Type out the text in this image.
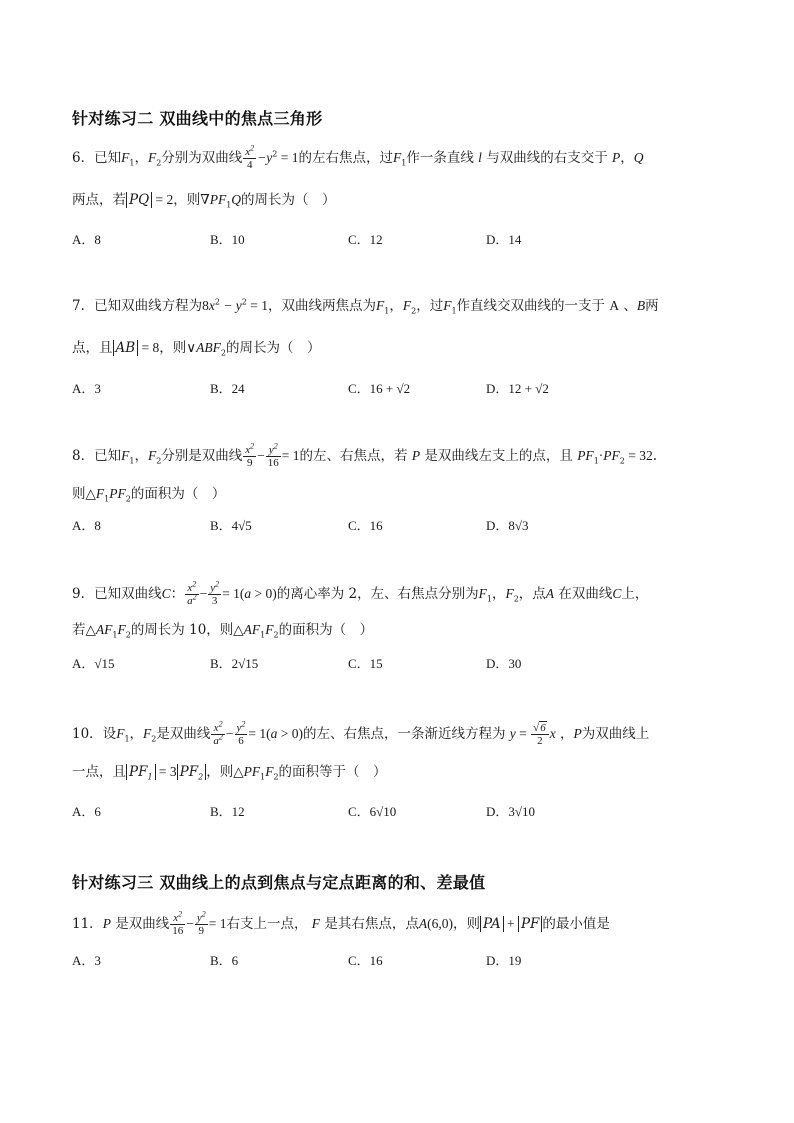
针对练习二 双曲线中的焦点三角形
6．已知$F_1$，$F_2$分别为双曲线 $\frac{x^2}{4} -y^2 = 1$的左右焦点，过$F_1$作一条直线 l 与双曲线的右支交于 P，Q
两点，若 PQ = 2，则$\nabla PF_1Q$的周长为（　）
A．8	B．10	C．12	D．14
7．已知双曲线方程为$8x^2 - y^2 = 1$，双曲线两焦点为$F_1$，$F_2$，过$F_1$作直线交双曲线的一支于 A 、B两
点，且 AB = 8，则$\vee ABF_2$的周长为（　）
A．3	B．24	C．16 + √2	D．12 + √2
8．已知$F_1$，$F_2$分别是双曲线 $\frac{x^2}{9} - \frac{y^2}{16} = 1$的左、右焦点，若 P 是双曲线左支上的点，且 $PF_1\cdot PF_2 = 32$.
则$\triangle F_1PF_2$的面积为（　）
A．8	B．4√5	C．16	D．8√3
9．已知双曲线C： $\frac{x^2}{a^2} - \frac{y^2}{3} = 1(a > 0)$的离心率为 2，左、右焦点分别为$F_1$，$F_2$，点A 在双曲线C上，
若$\triangle AF_1F_2$的周长为 10，则$\triangle AF_1F_2$的面积为（　）
A．√15	B．2√15	C．15	D．30
10．设$F_1$，$F_2$是双曲线 $\frac{x^2}{a^2} - \frac{y^2}{6} = 1(a > 0)$的左、右焦点，一条渐近线方程为 $y = \frac{√6}{2}$ x ，P为双曲线上
一点，且 $PF_1 = 3$ $PF_2$ ，则$\triangle PF_1F_2$的面积等于（　）
A．6	B．12	C．6√10	D．3√10
针对练习三 双曲线上的点到焦点与定点距离的和、差最值
11．P 是双曲线 $\frac{x^2}{16} - \frac{y^2}{9} = 1$右支上一点， F 是其右焦点，点A(6,0)，则 PA + PF 的最小值是
A．3	B．6	C．16	D．19
